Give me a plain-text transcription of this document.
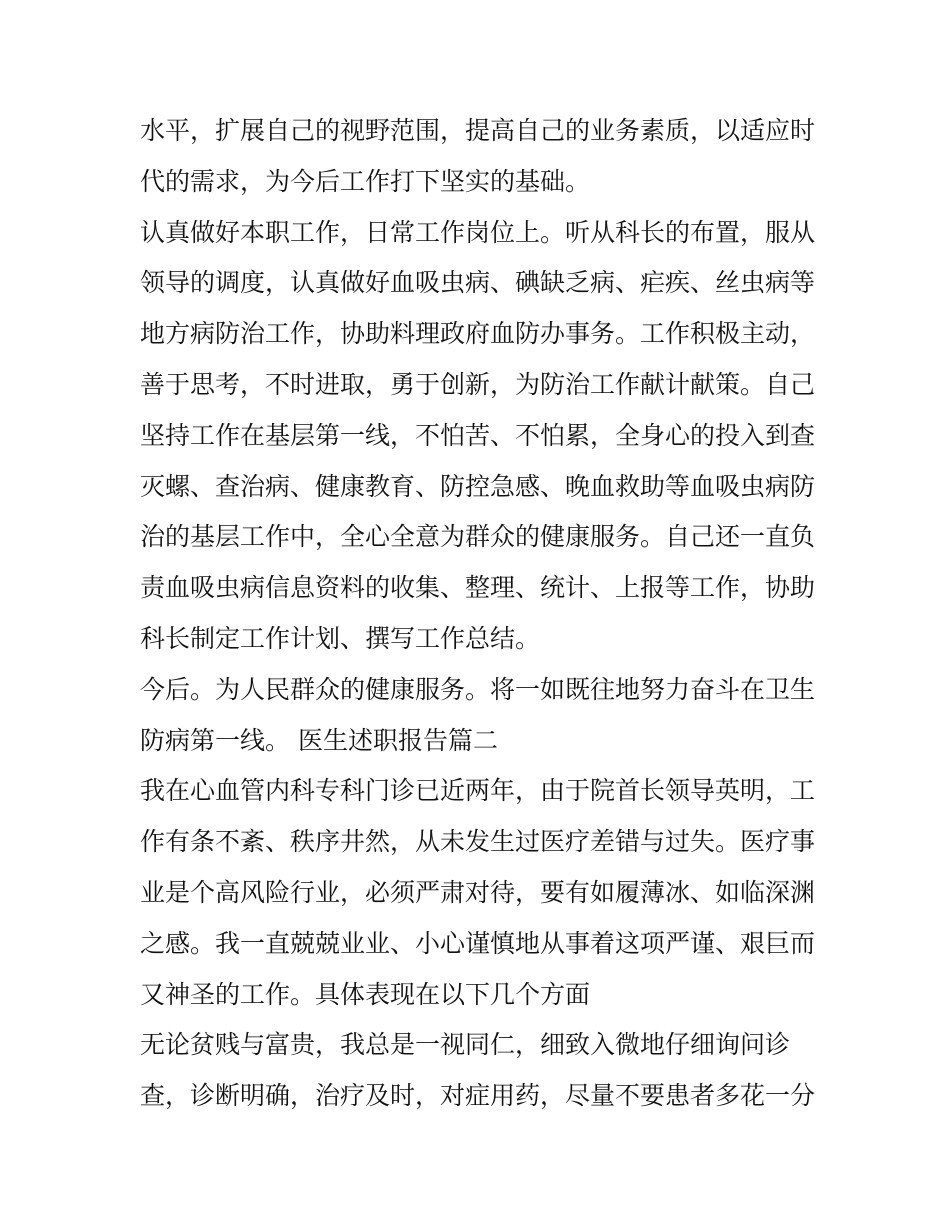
水平，扩展自己的视野范围，提高自己的业务素质，以适应时
代的需求，为今后工作打下坚实的基础。
认真做好本职工作，日常工作岗位上。听从科长的布置，服从
领导的调度，认真做好血吸虫病、碘缺乏病、疟疾、丝虫病等
地方病防治工作，协助料理政府血防办事务。工作积极主动，
善于思考，不时进取，勇于创新，为防治工作献计献策。自己
坚持工作在基层第一线，不怕苦、不怕累，全身心的投入到查
灭螺、查治病、健康教育、防控急感、晚血救助等血吸虫病防
治的基层工作中，全心全意为群众的健康服务。自己还一直负
责血吸虫病信息资料的收集、整理、统计、上报等工作，协助
科长制定工作计划、撰写工作总结。
今后。为人民群众的健康服务。将一如既往地努力奋斗在卫生
防病第一线。 医生述职报告篇二
我在心血管内科专科门诊已近两年，由于院首长领导英明，工
作有条不紊、秩序井然，从未发生过医疗差错与过失。医疗事
业是个高风险行业，必须严肃对待，要有如履薄冰、如临深渊
之感。我一直兢兢业业、小心谨慎地从事着这项严谨、艰巨而
又神圣的工作。具体表现在以下几个方面
无论贫贱与富贵，我总是一视同仁，细致入微地仔细询问诊
查，诊断明确，治疗及时，对症用药，尽量不要患者多花一分
